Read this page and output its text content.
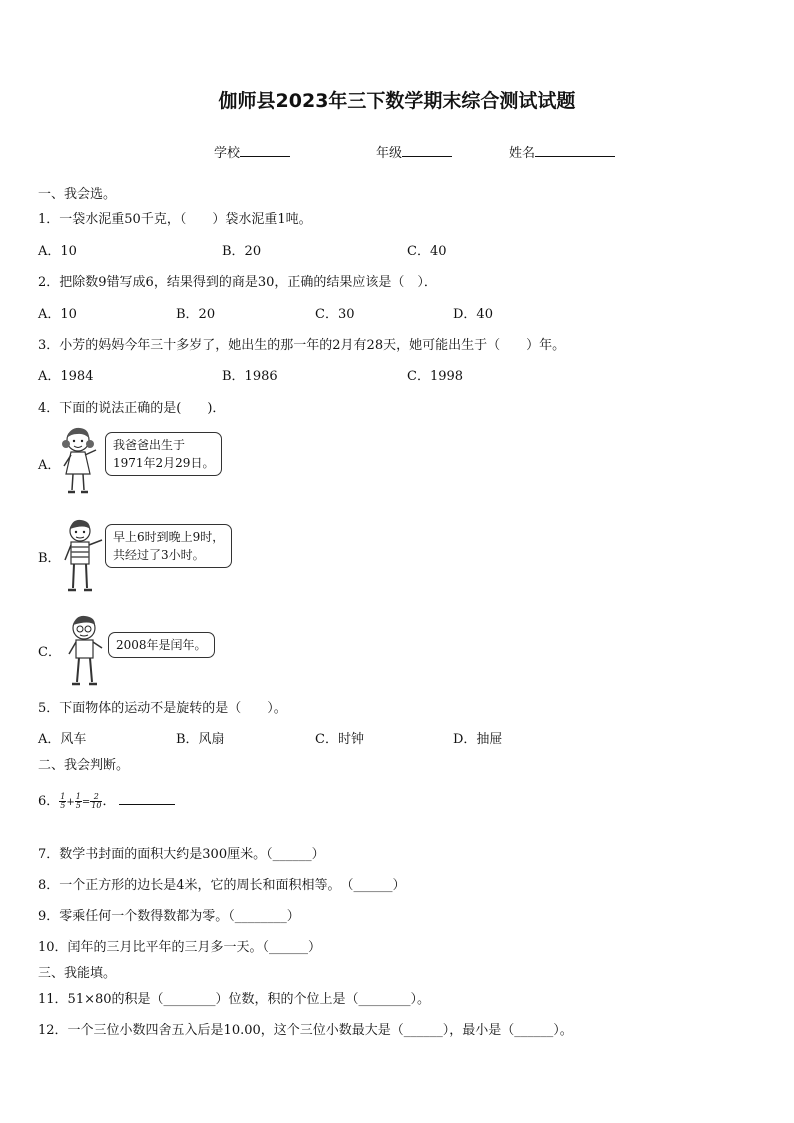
伽师县2023年三下数学期末综合测试试题
学校	年级	姓名
一、我会选。
1．一袋水泥重50千克，（　　）袋水泥重1吨。
A．10	B．20	C．40
2．把除数9错写成6，结果得到的商是30，正确的结果应该是（　）．
A．10	B．20	C．30	D．40
3．小芳的妈妈今年三十多岁了，她出生的那一年的2月有28天，她可能出生于（　　）年。
A．1984	B．1986	C．1998
4．下面的说法正确的是(　　)．
A．
我爸爸出生于
1971年2月29日。
B．
早上6时到晚上9时，
共经过了3小时。
C．	2008年是闰年。
5．下面物体的运动不是旋转的是（　　）。
A．风车	B．风扇	C．时钟	D．抽屉
二、我会判断。
6． $\frac{1}{5} + \frac{1}{5} = \frac{2}{10}$ ．
7．数学书封面的面积大约是300厘米。（______）
8．一个正方形的边长是4米，它的周长和面积相等。　（______）
9．零乘任何一个数得数都为零。（________）
10．闰年的三月比平年的三月多一天。（______）
三、我能填。
11．51×80的积是（________）位数，积的个位上是（________）。
12．一个三位小数四舍五入后是10.00，这个三位小数最大是（______），最小是（______）。
